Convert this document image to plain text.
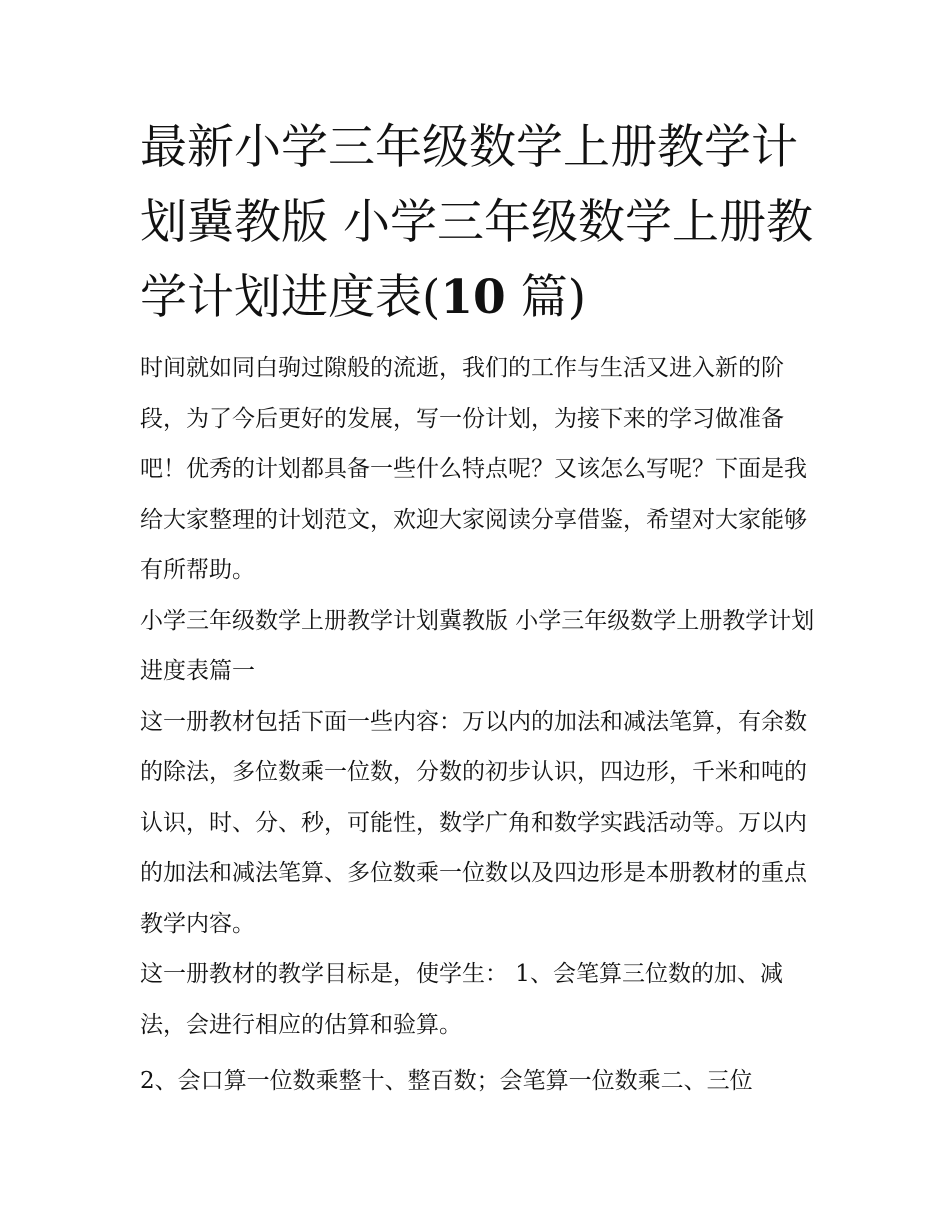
最新小学三年级数学上册教学计划冀教版 小学三年级数学上册教学计划进度表(10 篇)

时间就如同白驹过隙般的流逝，我们的工作与生活又进入新的阶段，为了今后更好的发展，写一份计划，为接下来的学习做准备吧！优秀的计划都具备一些什么特点呢？又该怎么写呢？下面是我给大家整理的计划范文，欢迎大家阅读分享借鉴，希望对大家能够有所帮助。

小学三年级数学上册教学计划冀教版 小学三年级数学上册教学计划进度表篇一

这一册教材包括下面一些内容：万以内的加法和减法笔算，有余数的除法，多位数乘一位数，分数的初步认识，四边形，千米和吨的认识，时、分、秒，可能性，数学广角和数学实践活动等。万以内的加法和减法笔算、多位数乘一位数以及四边形是本册教材的重点教学内容。

这一册教材的教学目标是，使学生： 1、会笔算三位数的加、减法，会进行相应的估算和验算。

2、会口算一位数乘整十、整百数；会笔算一位数乘二、三位
